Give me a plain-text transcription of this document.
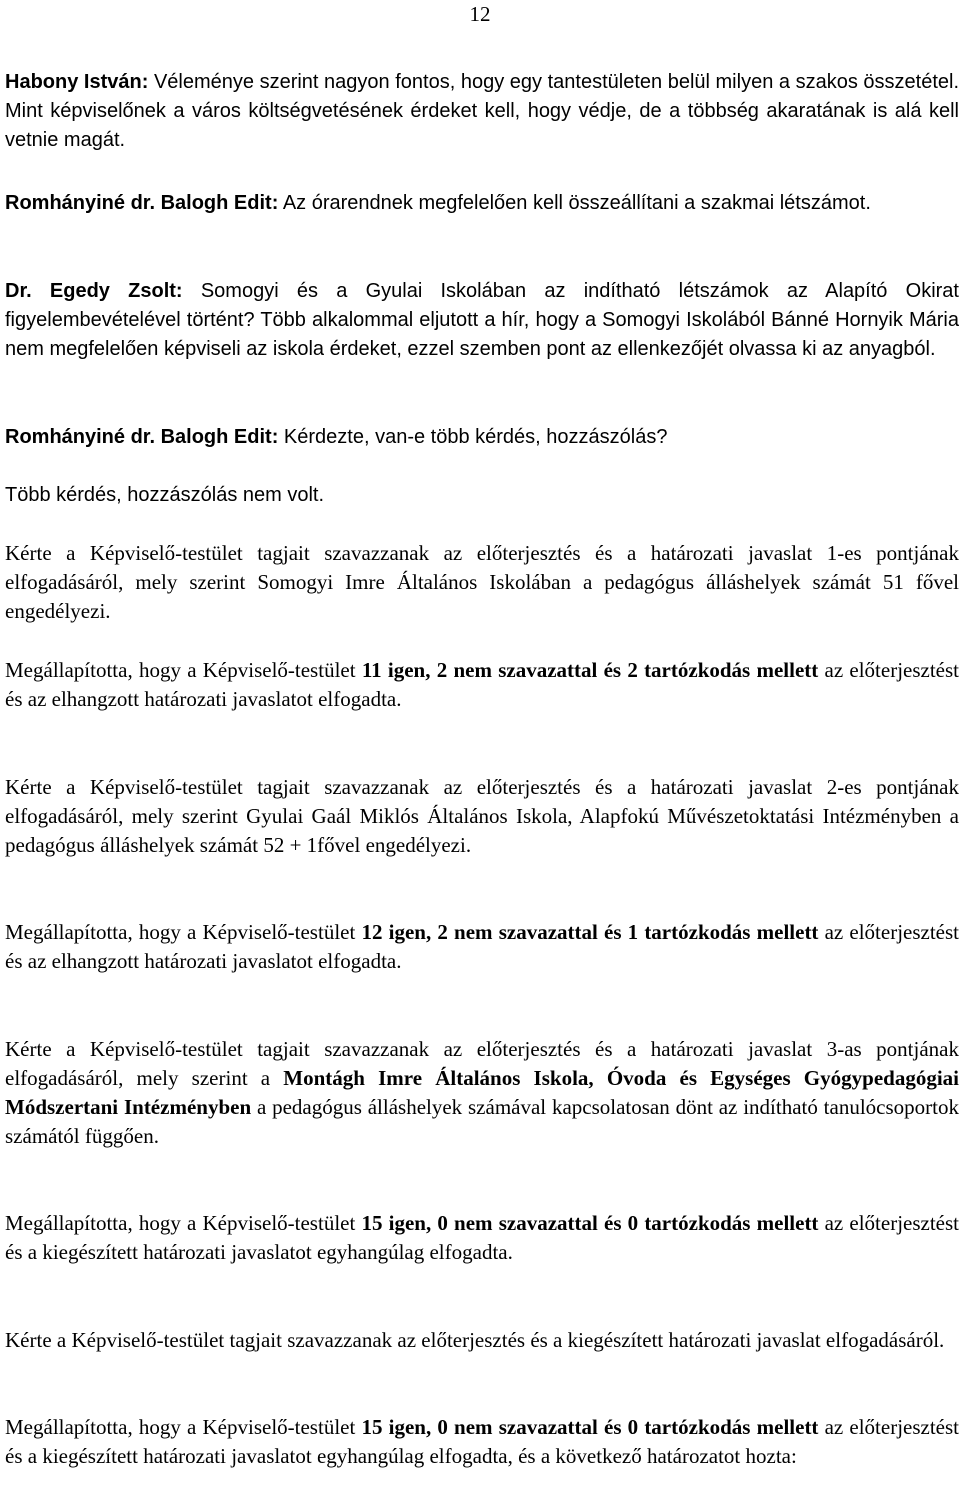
12

Habony István: Véleménye szerint nagyon fontos, hogy egy tantestületen belül milyen a szakos összetétel. Mint képviselőnek a város költségvetésének érdeket kell, hogy védje, de a többség akaratának is alá kell vetnie magát.

Romhányiné dr. Balogh Edit: Az órarendnek megfelelően kell összeállítani a szakmai létszámot.

Dr. Egedy Zsolt: Somogyi és a Gyulai Iskolában az indítható létszámok az Alapító Okirat figyelembevételével történt? Több alkalommal eljutott a hír, hogy a Somogyi Iskolából Bánné Hornyik Mária nem megfelelően képviseli az iskola érdeket, ezzel szemben pont az ellenkezőjét olvassa ki az anyagból.

Romhányiné dr. Balogh Edit: Kérdezte, van-e több kérdés, hozzászólás?

Több kérdés, hozzászólás nem volt.

Kérte a Képviselő-testület tagjait szavazzanak az előterjesztés és a határozati javaslat 1-es pontjának elfogadásáról, mely szerint Somogyi Imre Általános Iskolában a pedagógus álláshelyek számát 51 fővel engedélyezi.

Megállapította, hogy a Képviselő-testület 11 igen, 2 nem szavazattal és 2 tartózkodás mellett az előterjesztést és az elhangzott határozati javaslatot elfogadta.

Kérte a Képviselő-testület tagjait szavazzanak az előterjesztés és a határozati javaslat 2-es pontjának elfogadásáról, mely szerint Gyulai Gaál Miklós Általános Iskola, Alapfokú Művészetoktatási Intézményben a pedagógus álláshelyek számát 52 + 1fővel engedélyezi.

Megállapította, hogy a Képviselő-testület 12 igen, 2 nem szavazattal és 1 tartózkodás mellett az előterjesztést és az elhangzott határozati javaslatot elfogadta.

Kérte a Képviselő-testület tagjait szavazzanak az előterjesztés és a határozati javaslat 3-as pontjának elfogadásáról, mely szerint a Montágh Imre Általános Iskola, Óvoda és Egységes Gyógypedagógiai Módszertani Intézményben a pedagógus álláshelyek számával kapcsolatosan dönt az indítható tanulócsoportok számától függően.

Megállapította, hogy a Képviselő-testület 15 igen, 0 nem szavazattal és 0 tartózkodás mellett az előterjesztést és a kiegészített határozati javaslatot egyhangúlag elfogadta.

Kérte a Képviselő-testület tagjait szavazzanak az előterjesztés és a kiegészített határozati javaslat elfogadásáról.

Megállapította, hogy a Képviselő-testület 15 igen, 0 nem szavazattal és 0 tartózkodás mellett az előterjesztést és a kiegészített határozati javaslatot egyhangúlag elfogadta, és a következő határozatot hozta:
